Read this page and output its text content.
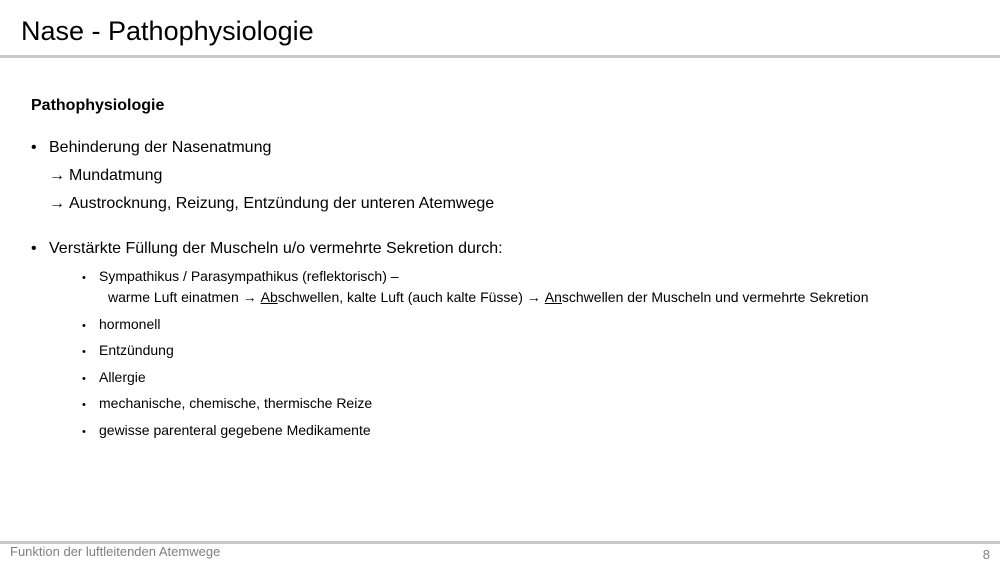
Nase - Pathophysiologie
Pathophysiologie
• Behinderung der Nasenatmung
→ Mundatmung
→ Austrocknung, Reizung, Entzündung der unteren Atemwege
• Verstärkte Füllung der Muscheln u/o vermehrte Sekretion durch:
• Sympathikus / Parasympathikus (reflektorisch) –
warme Luft einatmen → Abschwellen, kalte Luft (auch kalte Füsse) → Anschwellen der Muscheln und vermehrte Sekretion
• hormonell
• Entzündung
• Allergie
• mechanische, chemische, thermische Reize
• gewisse parenteral gegebene Medikamente
Funktion der luftleitenden Atemwege	8
